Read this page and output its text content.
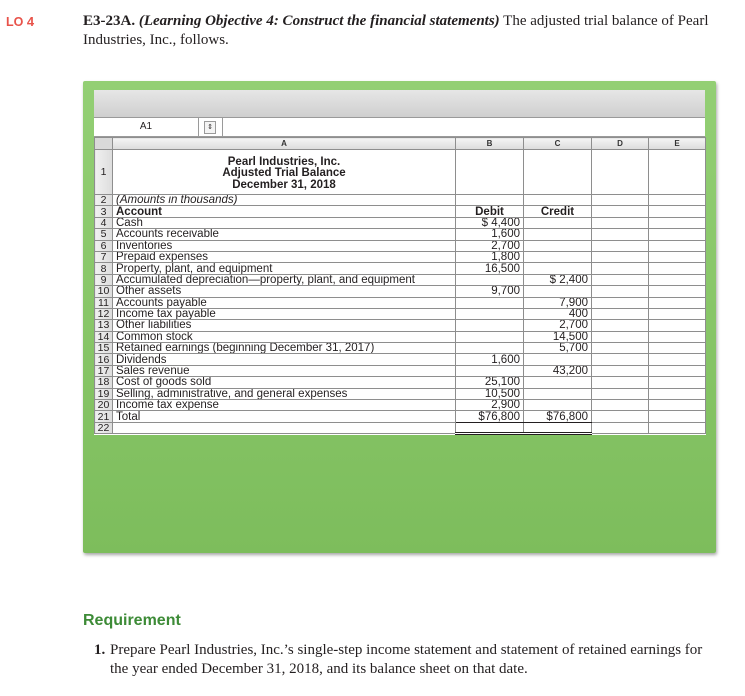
LO 4	E3-23A. (Learning Objective 4: Construct the financial statements) The adjusted trial balance of Pearl Industries, Inc., follows.
A1	⇕
	A	B	C	D	E
1	Pearl Industries, Inc.
Adjusted Trial Balance
December 31, 2018				

2	(Amounts in thousands)				
3	Account	Debit	Credit		
4	Cash	$ 4,400			
5	Accounts receivable	1,600			
6	Inventories	2,700			
7	Prepaid expenses	1,800			
8	Property, plant, and equipment	16,500			
9	Accumulated depreciation—property, plant, and equipment		$ 2,400		
10	Other assets	9,700			
11	Accounts payable		7,900		
12	Income tax payable		400		
13	Other liabilities		2,700		
14	Common stock		14,500		
15	Retained earnings (beginning December 31, 2017)		5,700		
16	Dividends	1,600			
17	Sales revenue		43,200		
18	Cost of goods sold	25,100			
19	Selling, administrative, and general expenses	10,500			
20	Income tax expense	2,900			
21	Total	$76,800	$76,800		
22					
Requirement
1. Prepare Pearl Industries, Inc.’s single-step income statement and statement of retained earnings for the year ended December 31, 2018, and its balance sheet on that date.
